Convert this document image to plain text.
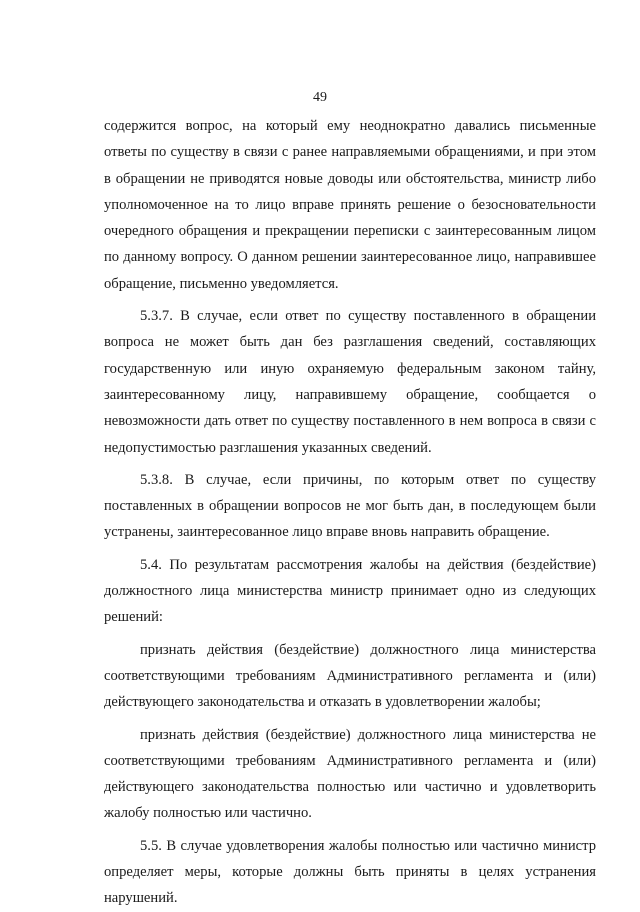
49

содержится вопрос, на который ему неоднократно давались письменные ответы по существу в связи с ранее направляемыми обращениями, и при этом в обращении не приводятся новые доводы или обстоятельства, министр либо уполномоченное на то лицо вправе принять решение о безосновательности очередного обращения и прекращении переписки с заинтересованным лицом по данному вопросу. О данном решении заинтересованное лицо, направившее обращение, письменно уведомляется.

5.3.7. В случае, если ответ по существу поставленного в обращении вопроса не может быть дан без разглашения сведений, составляющих государственную или иную охраняемую федеральным законом тайну, заинтересованному лицу, направившему обращение, сообщается о невозможности дать ответ по существу поставленного в нем вопроса в связи с недопустимостью разглашения указанных сведений.

5.3.8. В случае, если причины, по которым ответ по существу поставленных в обращении вопросов не мог быть дан, в последующем были устранены, заинтересованное лицо вправе вновь направить обращение.

5.4. По результатам рассмотрения жалобы на действия (бездействие) должностного лица министерства министр принимает одно из следующих решений:

признать действия (бездействие) должностного лица министерства соответствующими требованиям Административного регламента и (или) действующего законодательства и отказать в удовлетворении жалобы;

признать действия (бездействие) должностного лица министерства не соответствующими требованиям Административного регламента и (или) действующего законодательства полностью или частично и удовлетворить жалобу полностью или частично.

5.5. В случае удовлетворения жалобы полностью или частично министр определяет меры, которые должны быть приняты в целях устранения нарушений.
